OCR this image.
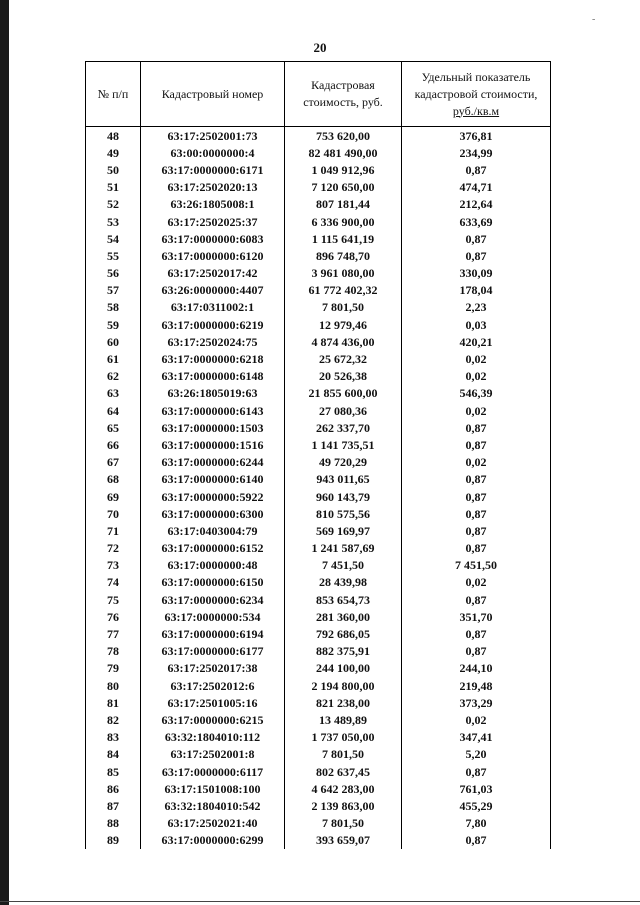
-
20
№ п/п	Кадастровый номер	Кадастровая стоимость, руб.	Удельный показатель кадастровой стоимости,
руб./кв.м
48	63:17:2502001:73	753 620,00	376,81
49	63:00:0000000:4	82 481 490,00	234,99
50	63:17:0000000:6171	1 049 912,96	0,87
51	63:17:2502020:13	7 120 650,00	474,71
52	63:26:1805008:1	807 181,44	212,64
53	63:17:2502025:37	6 336 900,00	633,69
54	63:17:0000000:6083	1 115 641,19	0,87
55	63:17:0000000:6120	896 748,70	0,87
56	63:17:2502017:42	3 961 080,00	330,09
57	63:26:0000000:4407	61 772 402,32	178,04
58	63:17:0311002:1	7 801,50	2,23
59	63:17:0000000:6219	12 979,46	0,03
60	63:17:2502024:75	4 874 436,00	420,21
61	63:17:0000000:6218	25 672,32	0,02
62	63:17:0000000:6148	20 526,38	0,02
63	63:26:1805019:63	21 855 600,00	546,39
64	63:17:0000000:6143	27 080,36	0,02
65	63:17:0000000:1503	262 337,70	0,87
66	63:17:0000000:1516	1 141 735,51	0,87
67	63:17:0000000:6244	49 720,29	0,02
68	63:17:0000000:6140	943 011,65	0,87
69	63:17:0000000:5922	960 143,79	0,87
70	63:17:0000000:6300	810 575,56	0,87
71	63:17:0403004:79	569 169,97	0,87
72	63:17:0000000:6152	1 241 587,69	0,87
73	63:17:0000000:48	7 451,50	7 451,50
74	63:17:0000000:6150	28 439,98	0,02
75	63:17:0000000:6234	853 654,73	0,87
76	63:17:0000000:534	281 360,00	351,70
77	63:17:0000000:6194	792 686,05	0,87
78	63:17:0000000:6177	882 375,91	0,87
79	63:17:2502017:38	244 100,00	244,10
80	63:17:2502012:6	2 194 800,00	219,48
81	63:17:2501005:16	821 238,00	373,29
82	63:17:0000000:6215	13 489,89	0,02
83	63:32:1804010:112	1 737 050,00	347,41
84	63:17:2502001:8	7 801,50	5,20
85	63:17:0000000:6117	802 637,45	0,87
86	63:17:1501008:100	4 642 283,00	761,03
87	63:32:1804010:542	2 139 863,00	455,29
88	63:17:2502021:40	7 801,50	7,80
89	63:17:0000000:6299	393 659,07	0,87
